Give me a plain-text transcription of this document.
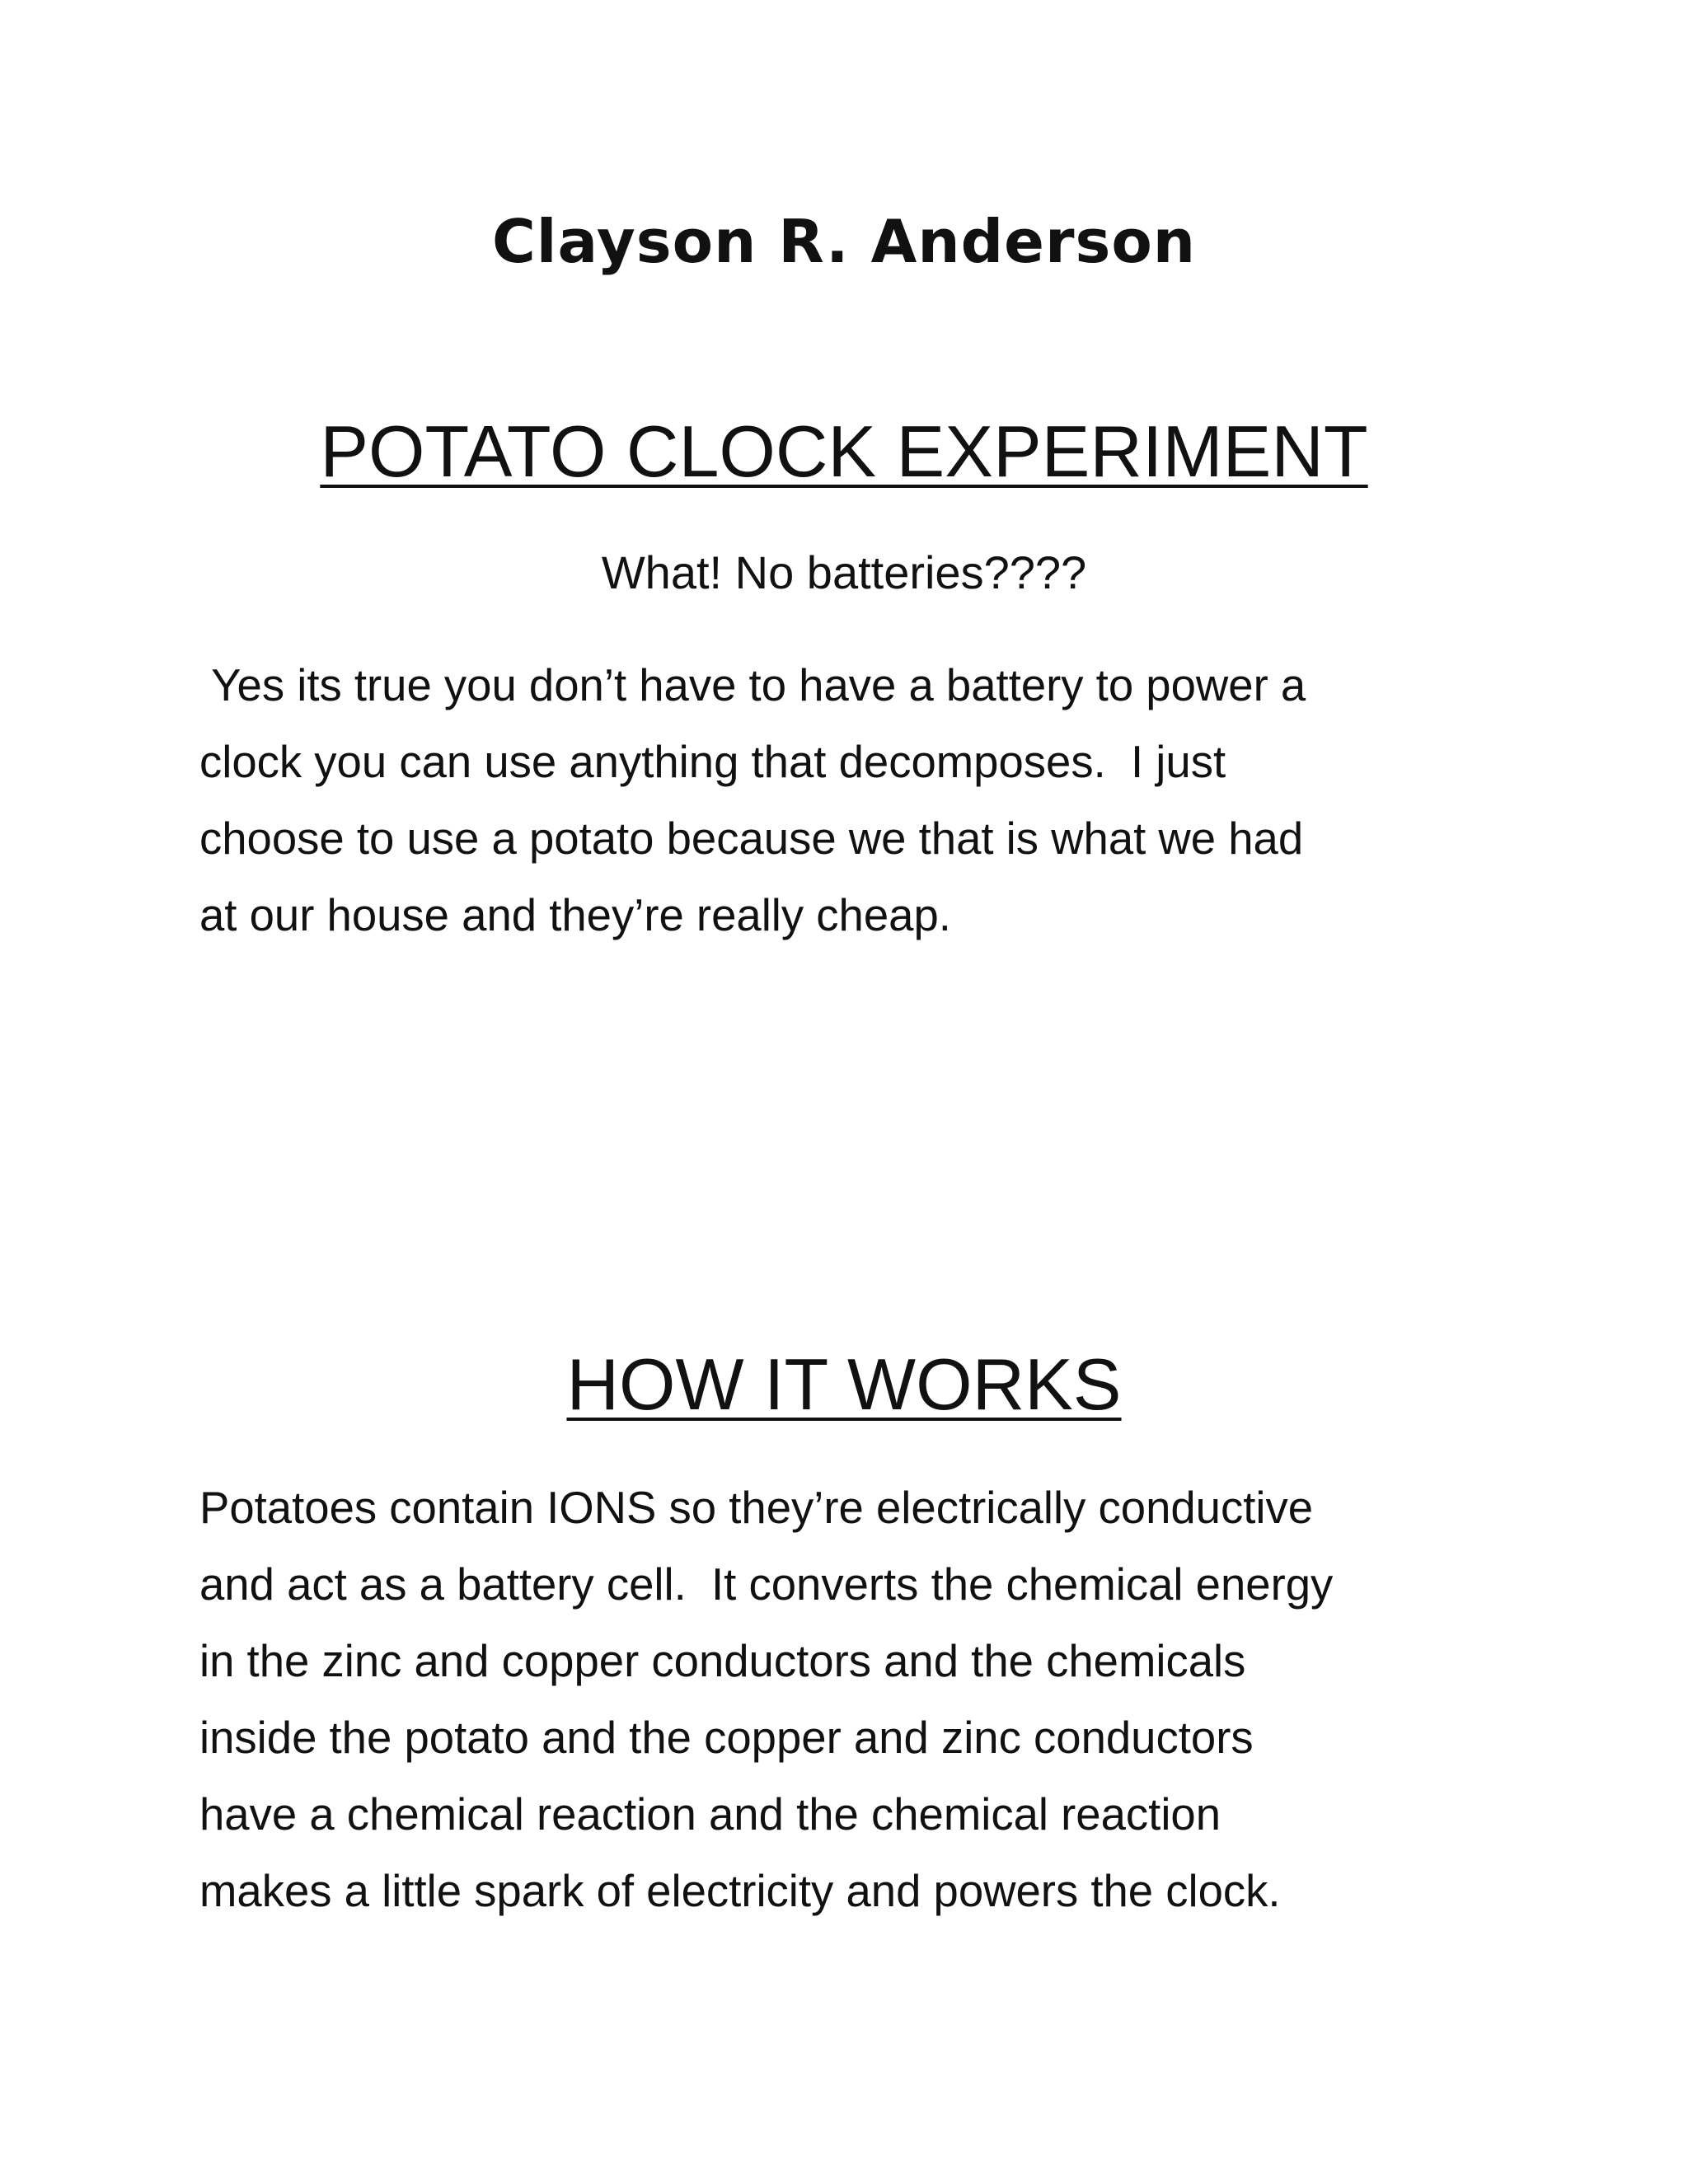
Clayson R. Anderson
POTATO CLOCK EXPERIMENT

What! No batteries????

Yes its true you don’t have to have a battery to power a
clock you can use anything that decomposes.  I just
choose to use a potato because we that is what we had
at our house and they’re really cheap.

HOW IT WORKS

Potatoes contain IONS so they’re electrically conductive
and act as a battery cell.  It converts the chemical energy
in the zinc and copper conductors and the chemicals
inside the potato and the copper and zinc conductors
have a chemical reaction and the chemical reaction
makes a little spark of electricity and powers the clock.
